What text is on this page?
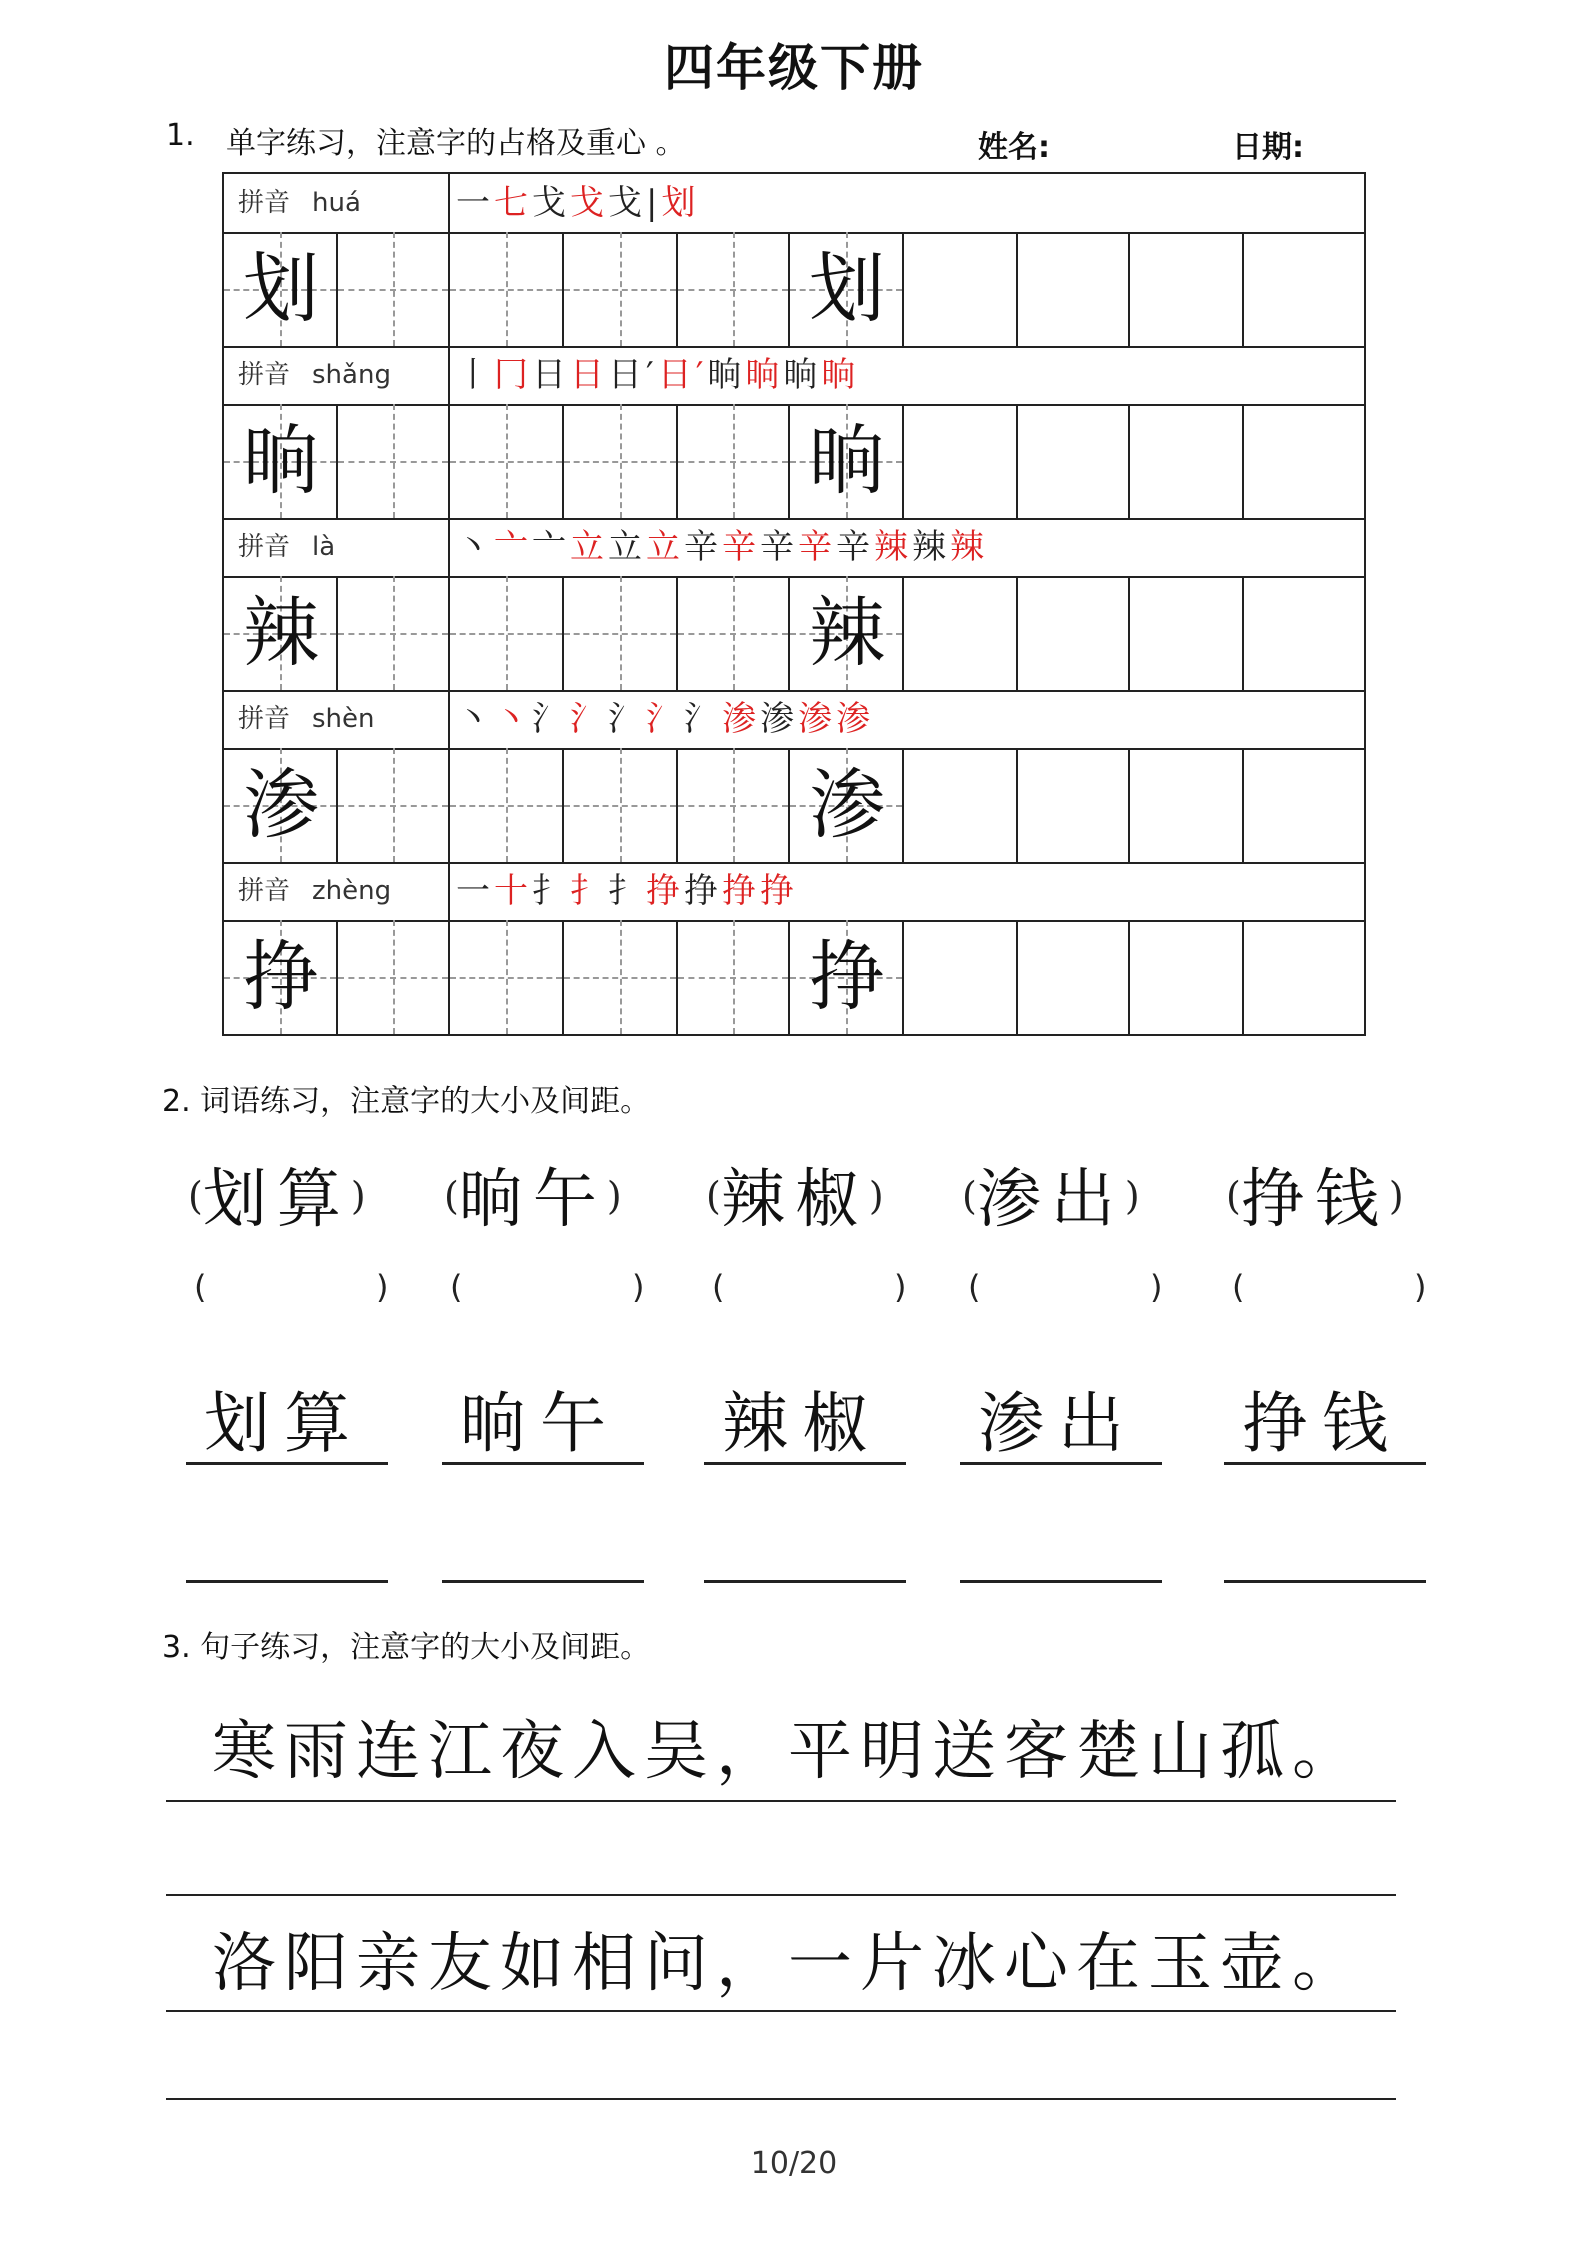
四年级下册
1. 单字练习，注意字的占格及重心 。	姓名:	日期:
拼音 huá	一七戈戈戈|划
划	划
拼音 shǎng	丨冂日日日′日′晌晌晌晌
晌	晌
拼音 là	丶亠亠立立立辛辛辛辛辛辣辣辣
辣	辣
拼音 shèn	丶丶氵氵氵氵氵渗渗渗渗
渗	渗
拼音 zhèng	一十扌扌扌挣挣挣挣
挣	挣
2. 词语练习，注意字的大小及间距。
(划算)
(	)
划算
(晌午)
(	)
晌午
(辣椒)
(	)
辣椒
(渗出)
(	)
渗出
(挣钱)
(	)
挣钱
3. 句子练习，注意字的大小及间距。
寒雨连江夜入吴，平明送客楚山孤。
洛阳亲友如相问，一片冰心在玉壶。
10/20
